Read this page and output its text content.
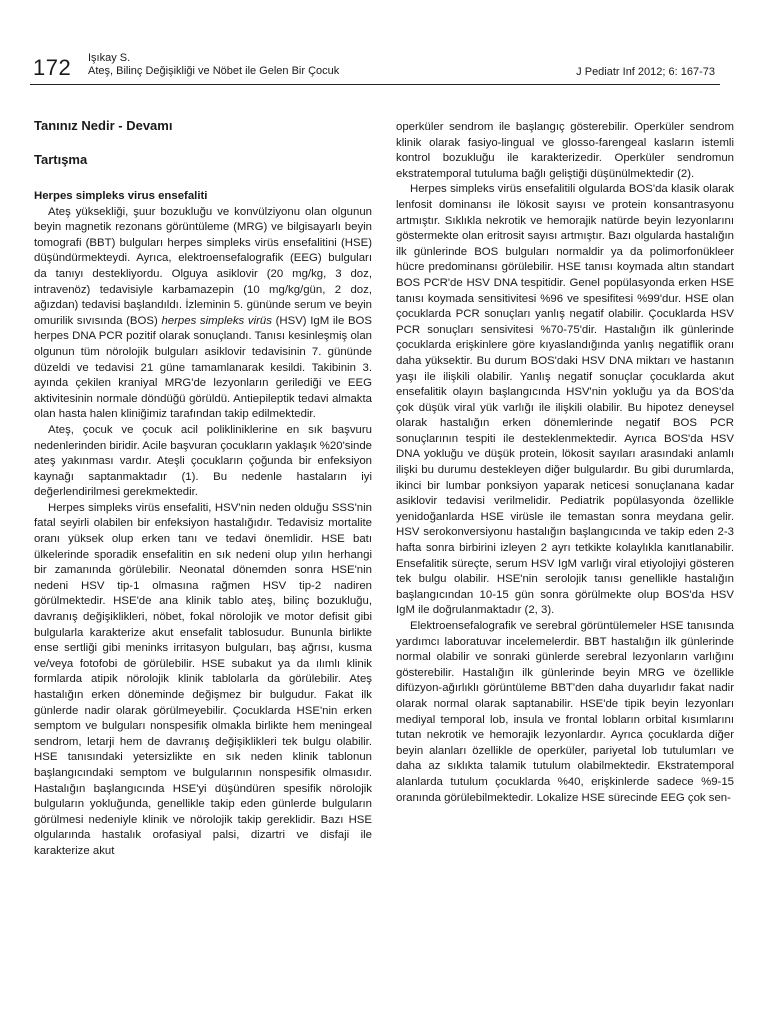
172 Işıkay S.
Ateş, Bilinç Değişikliği ve Nöbet ile Gelen Bir Çocuk	J Pediatr Inf 2012; 6: 167-73
Tanınız Nedir - Devamı
Tartışma
Herpes simpleks virus ensefaliti

Ateş yüksekliği, şuur bozukluğu ve konvülziyonu olan olgunun beyin magnetik rezonans görüntüleme (MRG) ve bilgisayarlı beyin tomografi (BBT) bulguları herpes simpleks virüs ensefalitini (HSE) düşündürmekteydi. Ayrıca, elektroensefalografik (EEG) bulguları da tanıyı destekliyordu. Olguya asiklovir (20 mg/kg, 3 doz, intravenöz) tedavisiyle karbamazepin (10 mg/kg/gün, 2 doz, ağızdan) tedavisi başlandıldı. İzleminin 5. gününde serum ve beyin omurilik sıvısında (BOS) herpes simpleks virüs (HSV) IgM ile BOS herpes DNA PCR pozitif olarak sonuçlandı. Tanısı kesinleşmiş olan olgunun tüm nörolojik bulguları asiklovir tedavisinin 7. gününde düzeldi ve tedavisi 21 güne tamamlanarak kesildi. Takibinin 3. ayında çekilen kraniyal MRG'de lezyonların gerilediği ve EEG aktivitesinin normale döndüğü görüldü. Antiepileptik tedavi almakta olan hasta halen kliniğimiz tarafından takip edilmektedir.

Ateş, çocuk ve çocuk acil polikliniklerine en sık başvuru nedenlerinden biridir. Acile başvuran çocukların yaklaşık %20'sinde ateş yakınması vardır. Ateşli çocukların çoğunda bir enfeksiyon kaynağı saptanmaktadır (1). Bu nedenle hastaların iyi değerlendirilmesi gerekmektedir.

Herpes simpleks virüs ensefaliti, HSV'nin neden olduğu SSS'nin fatal seyirli olabilen bir enfeksiyon hastalığıdır. Tedavisiz mortalite oranı yüksek olup erken tanı ve tedavi önemlidir. HSE batı ülkelerinde sporadik ensefalitin en sık nedeni olup yılın herhangi bir zamanında görülebilir. Neonatal dönemden sonra HSE'nin nedeni HSV tip-1 olmasına rağmen HSV tip-2 nadiren görülmektedir. HSE'de ana klinik tablo ateş, bilinç bozukluğu, davranış değişiklikleri, nöbet, fokal nörolojik ve motor defisit gibi bulgularla karakterize akut ensefalit tablosudur. Bununla birlikte ense sertliği gibi meninks irritasyon bulguları, baş ağrısı, kusma ve/veya fotofobi de görülebilir. HSE subakut ya da ılımlı klinik formlarda atipik nörolojik klinik tablolarla da görülebilir. Ateş hastalığın erken döneminde değişmez bir bulgudur. Fakat ilk günlerde nadir olarak görülmeyebilir. Çocuklarda HSE'nin erken semptom ve bulguları nonspesifik olmakla birlikte hem meningeal sendrom, letarji hem de davranış değişiklikleri tek bulgu olabilir. HSE tanısındaki yetersizlikte en sık neden klinik tablonun başlangıcındaki semptom ve bulgularının nonspesifik olmasıdır. Hastalığın başlangıcında HSE'yi düşündüren spesifik nörolojik bulguların yokluğunda, genellikle takip eden günlerde bulguların görülmesi nedeniyle klinik ve nörolojik takip gereklidir. Bazı HSE olgularında hastalık orofasiyal palsi, dizartri ve disfaji ile karakterize akut

operküler sendrom ile başlangıç gösterebilir. Operküler sendrom klinik olarak fasiyo-lingual ve glosso-farengeal kasların istemli kontrol bozukluğu ile karakterizedir. Operküler sendromun ekstratemporal tutuluma bağlı geliştiği düşünülmektedir (2).

Herpes simpleks virüs ensefalitili olgularda BOS'da klasik olarak lenfosit dominansı ile lökosit sayısı ve protein konsantrasyonu artmıştır. Sıklıkla nekrotik ve hemorajik natürde beyin lezyonlarını göstermekte olan eritrosit sayısı artmıştır. Bazı olgularda hastalığın ilk günlerinde BOS bulguları normaldir ya da polimorfonükleer hücre predominansı görülebilir. HSE tanısı koymada altın standart BOS PCR'de HSV DNA tespitidir. Genel popülasyonda erken HSE tanısı koymada sensitivitesi %96 ve spesifitesi %99'dur. HSE olan çocuklarda PCR sonuçları yanlış negatif olabilir. Çocuklarda HSV PCR sonuçları sensivitesi %70-75'dir. Hastalığın ilk günlerinde çocuklarda erişkinlere göre kıyaslandığında yanlış negatiflik oranı daha yüksektir. Bu durum BOS'daki HSV DNA miktarı ve hastanın yaşı ile ilişkili olabilir. Yanlış negatif sonuçlar çocuklarda akut ensefalitik olayın başlangıcında HSV'nin yokluğu ya da BOS'da çok düşük viral yük varlığı ile ilişkili olabilir. Bu hipotez deneysel olarak hastalığın erken dönemlerinde negatif BOS PCR sonuçlarının tespiti ile desteklenmektedir. Ayrıca BOS'da HSV DNA yokluğu ve düşük protein, lökosit sayıları arasındaki anlamlı ilişki bu durumu destekleyen diğer bulgulardır. Bu gibi durumlarda, ikinci bir lumbar ponksiyon yaparak neticesi sonuçlanana kadar asiklovir tedavisi verilmelidir. Pediatrik popülasyonda özellikle yenidoğanlarda HSE virüsle ile temastan sonra meydana gelir. HSV serokonversiyonu hastalığın başlangıcında ve takip eden 2-3 hafta sonra birbirini izleyen 2 ayrı tetkikte kolaylıkla kanıtlanabilir. Ensefalitik süreçte, serum HSV IgM varlığı viral etiyolojiyi gösteren tek bulgu olabilir. HSE'nin serolojik tanısı genellikle hastalığın başlangıcından 10-15 gün sonra görülmekte olup BOS'da HSV IgM ile doğrulanmaktadır (2, 3).

Elektroensefalografik ve serebral görüntülemeler HSE tanısında yardımcı laboratuvar incelemelerdir. BBT hastalığın ilk günlerinde normal olabilir ve sonraki günlerde serebral lezyonların varlığını gösterebilir. Hastalığın ilk günlerinde beyin MRG ve özellikle difüzyon-ağırlıklı görüntüleme BBT'den daha duyarlıdır fakat nadir olarak normal olarak saptanabilir. HSE'de tipik beyin lezyonları mediyal temporal lob, insula ve frontal lobların orbital kısımlarını tutan nekrotik ve hemorajik lezyonlardır. Ayrıca çocuklarda diğer beyin alanları özellikle de operküler, pariyetal lob tutulumları ve daha az sıklıkta talamik tutulum olabilmektedir. Ekstratemporal alanlarda tutulum çocuklarda %40, erişkinlerde sadece %9-15 oranında görülebilmektedir. Lokalize HSE sürecinde EEG çok sen-
